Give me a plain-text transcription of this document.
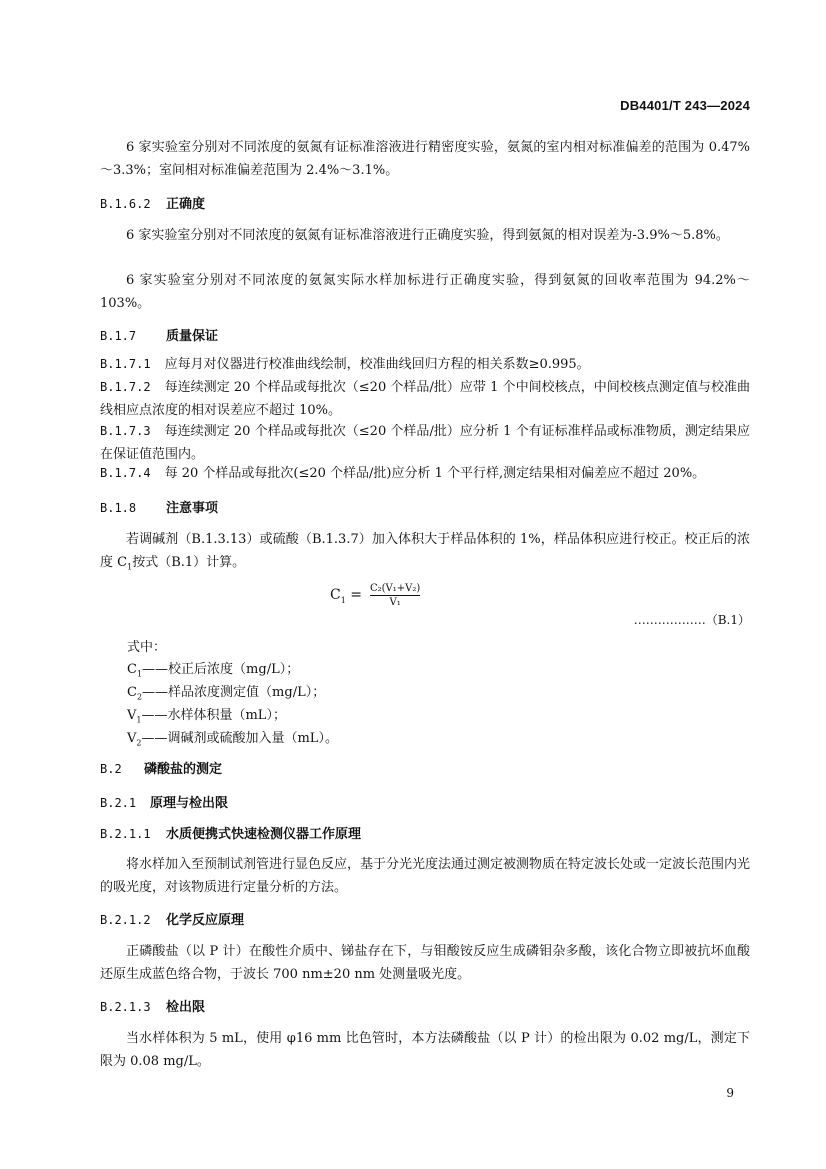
DB4401/T 243—2024
6 家实验室分别对不同浓度的氨氮有证标准溶液进行精密度实验，氨氮的室内相对标准偏差的范围为 0.47%～3.3%；室间相对标准偏差范围为 2.4%～3.1%。
B.1.6.2 正确度
6 家实验室分别对不同浓度的氨氮有证标准溶液进行正确度实验，得到氨氮的相对误差为-3.9%～5.8%。
6 家实验室分别对不同浓度的氨氮实际水样加标进行正确度实验，得到氨氮的回收率范围为 94.2%～103%。
B.1.7 质量保证
B.1.7.1 应每月对仪器进行校准曲线绘制，校准曲线回归方程的相关系数≥0.995。
B.1.7.2 每连续测定 20 个样品或每批次（≤20 个样品/批）应带 1 个中间校核点，中间校核点测定值与校准曲线相应点浓度的相对误差应不超过 10%。
B.1.7.3 每连续测定 20 个样品或每批次（≤20 个样品/批）应分析 1 个有证标准样品或标准物质，测定结果应在保证值范围内。
B.1.7.4 每 20 个样品或每批次(≤20 个样品/批)应分析 1 个平行样,测定结果相对偏差应不超过 20%。
B.1.8 注意事项
若调碱剂（B.1.3.13）或硫酸（B.1.3.7）加入体积大于样品体积的 1%，样品体积应进行校正。校正后的浓度 $C_1$按式（B.1）计算。
$C_1 = \frac{\text{C₂(V₁+V₂)}}{\text{V₁}}$
………………（B.1）
式中：
$C_1——$校正后浓度（mg/L）；
$C_2——$样品浓度测定值（mg/L）；
$V_1——$水样体积量（mL）；
$V_2——$调碱剂或硫酸加入量（mL）。
B.2 磷酸盐的测定
B.2.1 原理与检出限
B.2.1.1 水质便携式快速检测仪器工作原理
将水样加入至预制试剂管进行显色反应，基于分光光度法通过测定被测物质在特定波长处或一定波长范围内光的吸光度，对该物质进行定量分析的方法。
B.2.1.2 化学反应原理
正磷酸盐（以 P 计）在酸性介质中、锑盐存在下，与钼酸铵反应生成磷钼杂多酸，该化合物立即被抗坏血酸还原生成蓝色络合物，于波长 700 nm±20 nm 处测量吸光度。
B.2.1.3 检出限
当水样体积为 5 mL，使用 φ16 mm 比色管时，本方法磷酸盐（以 P 计）的检出限为 0.02 mg/L，测定下限为 0.08 mg/L。
9
